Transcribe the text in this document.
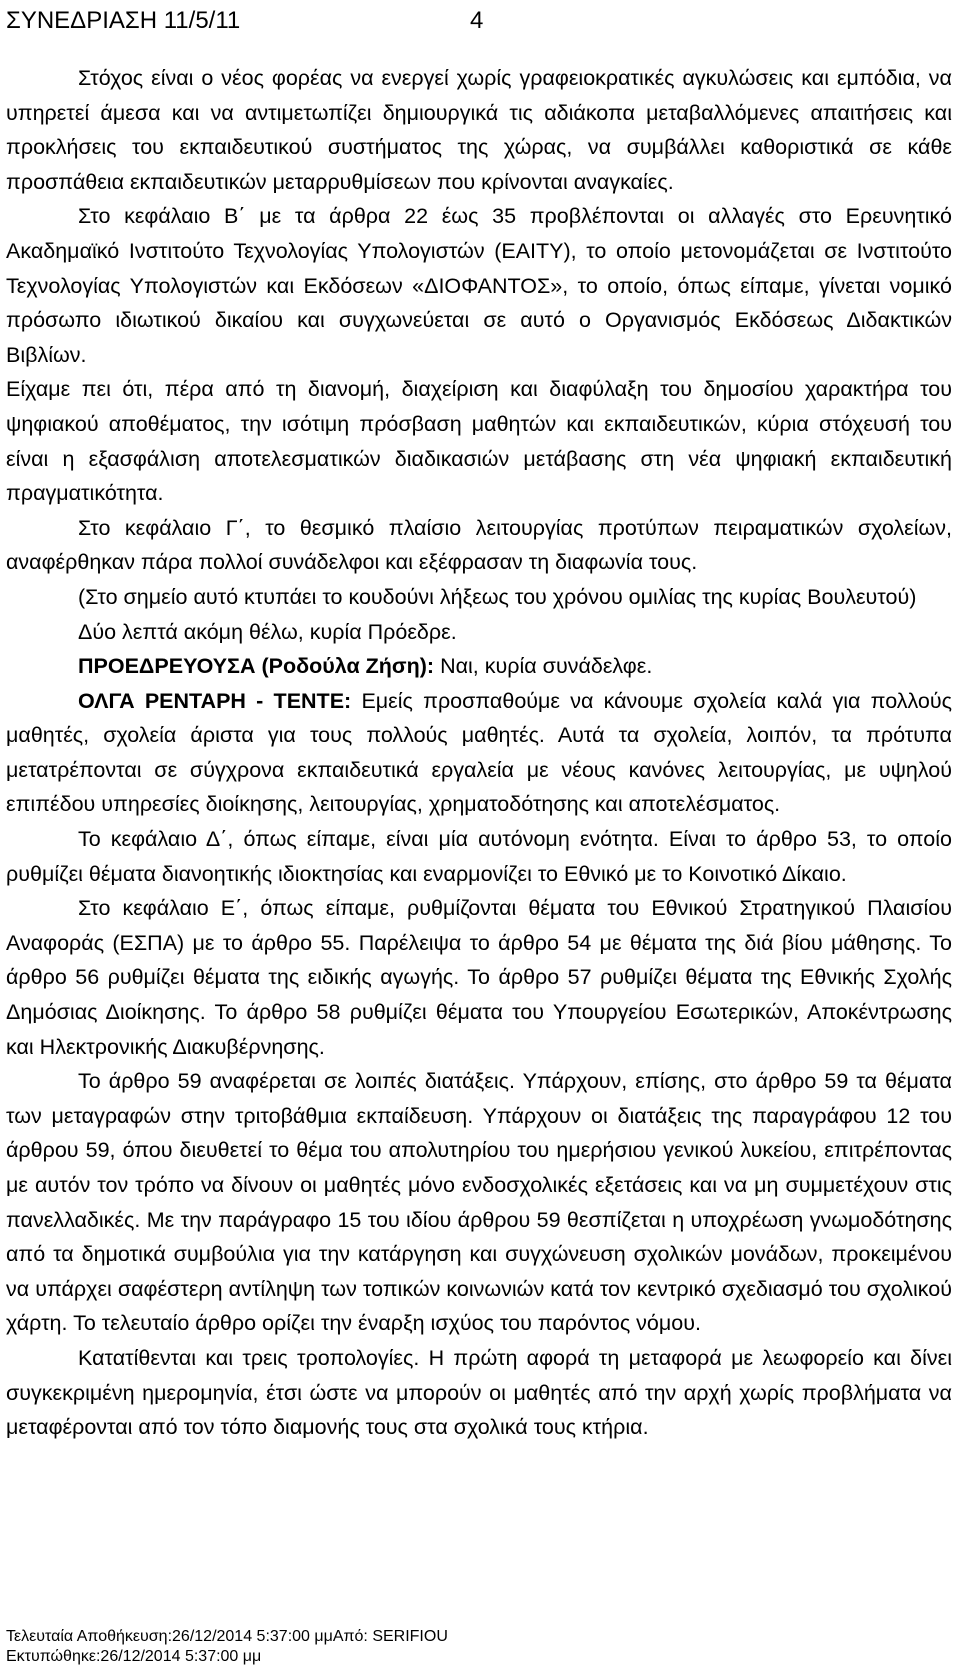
ΣΥΝΕΔΡΙΑΣΗ 11/5/11	4

Στόχος είναι ο νέος φορέας να ενεργεί χωρίς γραφειοκρατικές αγκυλώσεις και εμπόδια, να υπηρετεί άμεσα και να αντιμετωπίζει δημιουργικά τις αδιάκοπα μεταβαλλόμενες απαιτήσεις και προκλήσεις του εκπαιδευτικού συστήματος της χώρας, να συμβάλλει καθοριστικά σε κάθε προσπάθεια εκπαιδευτικών μεταρρυθμίσεων που κρίνονται αναγκαίες.

Στο κεφάλαιο Β΄ με τα άρθρα 22 έως 35 προβλέπονται οι αλλαγές στο Ερευνητικό Ακαδημαϊκό Ινστιτούτο Τεχνολογίας Υπολογιστών (ΕΑΙΤΥ), το οποίο μετονομάζεται σε Ινστιτούτο Τεχνολογίας Υπολογιστών και Εκδόσεων «ΔΙΟΦΑΝΤΟΣ», το οποίο, όπως είπαμε, γίνεται νομικό πρόσωπο ιδιωτικού δικαίου και συγχωνεύεται σε αυτό ο Οργανισμός Εκδόσεως Διδακτικών Βιβλίων.

Είχαμε πει ότι, πέρα από τη διανομή, διαχείριση και διαφύλαξη του δημοσίου χαρακτήρα του ψηφιακού αποθέματος, την ισότιμη πρόσβαση μαθητών και εκπαιδευτικών, κύρια στόχευσή του είναι η εξασφάλιση αποτελεσματικών διαδικασιών μετάβασης στη νέα ψηφιακή εκπαιδευτική πραγματικότητα.

Στο κεφάλαιο Γ΄, το θεσμικό πλαίσιο λειτουργίας προτύπων πειραματικών σχολείων, αναφέρθηκαν πάρα πολλοί συνάδελφοι και εξέφρασαν τη διαφωνία τους.

(Στο σημείο αυτό κτυπάει το κουδούνι λήξεως του χρόνου ομιλίας της κυρίας Βουλευτού)

Δύο λεπτά ακόμη θέλω, κυρία Πρόεδρε.

ΠΡΟΕΔΡΕΥΟΥΣΑ (Ροδούλα Ζήση): Ναι, κυρία συνάδελφε.

ΟΛΓΑ ΡΕΝΤΑΡΗ - ΤΕΝΤΕ: Εμείς προσπαθούμε να κάνουμε σχολεία καλά για πολλούς μαθητές, σχολεία άριστα για τους πολλούς μαθητές. Αυτά τα σχολεία, λοιπόν, τα πρότυπα μετατρέπονται σε σύγχρονα εκπαιδευτικά εργαλεία με νέους κανόνες λειτουργίας, με υψηλού επιπέδου υπηρεσίες διοίκησης, λειτουργίας, χρηματοδότησης και αποτελέσματος.

Το κεφάλαιο Δ΄, όπως είπαμε, είναι μία αυτόνομη ενότητα. Είναι το άρθρο 53, το οποίο ρυθμίζει θέματα διανοητικής ιδιοκτησίας και εναρμονίζει το Εθνικό με το Κοινοτικό Δίκαιο.

Στο κεφάλαιο Ε΄, όπως είπαμε, ρυθμίζονται θέματα του Εθνικού Στρατηγικού Πλαισίου Αναφοράς (ΕΣΠΑ) με το άρθρο 55. Παρέλειψα το άρθρο 54 με θέματα της διά βίου μάθησης. Το άρθρο 56 ρυθμίζει θέματα της ειδικής αγωγής. Το άρθρο 57 ρυθμίζει θέματα της Εθνικής Σχολής Δημόσιας Διοίκησης. Το άρθρο 58 ρυθμίζει θέματα του Υπουργείου Εσωτερικών, Αποκέντρωσης και Ηλεκτρονικής Διακυβέρνησης.

Το άρθρο 59 αναφέρεται σε λοιπές διατάξεις. Υπάρχουν, επίσης, στο άρθρο 59 τα θέματα των μεταγραφών στην τριτοβάθμια εκπαίδευση. Υπάρχουν οι διατάξεις της παραγράφου 12 του άρθρου 59, όπου διευθετεί το θέμα του απολυτηρίου του ημερήσιου γενικού λυκείου, επιτρέποντας με αυτόν τον τρόπο να δίνουν οι μαθητές μόνο ενδοσχολικές εξετάσεις και να μη συμμετέχουν στις πανελλαδικές. Με την παράγραφο 15 του ιδίου άρθρου 59 θεσπίζεται η υποχρέωση γνωμοδότησης από τα δημοτικά συμβούλια για την κατάργηση και συγχώνευση σχολικών μονάδων, προκειμένου να υπάρχει σαφέστερη αντίληψη των τοπικών κοινωνιών κατά τον κεντρικό σχεδιασμό του σχολικού χάρτη. Το τελευταίο άρθρο ορίζει την έναρξη ισχύος του παρόντος νόμου.

Κατατίθενται και τρεις τροπολογίες. Η πρώτη αφορά τη μεταφορά με λεωφορείο και δίνει συγκεκριμένη ημερομηνία, έτσι ώστε να μπορούν οι μαθητές από την αρχή χωρίς προβλήματα να μεταφέρονται από τον τόπο διαμονής τους στα σχολικά τους κτήρια.

Τελευταία Αποθήκευση:26/12/2014 5:37:00 μμΑπό: SERIFIOU
Εκτυπώθηκε:26/12/2014 5:37:00 μμ
